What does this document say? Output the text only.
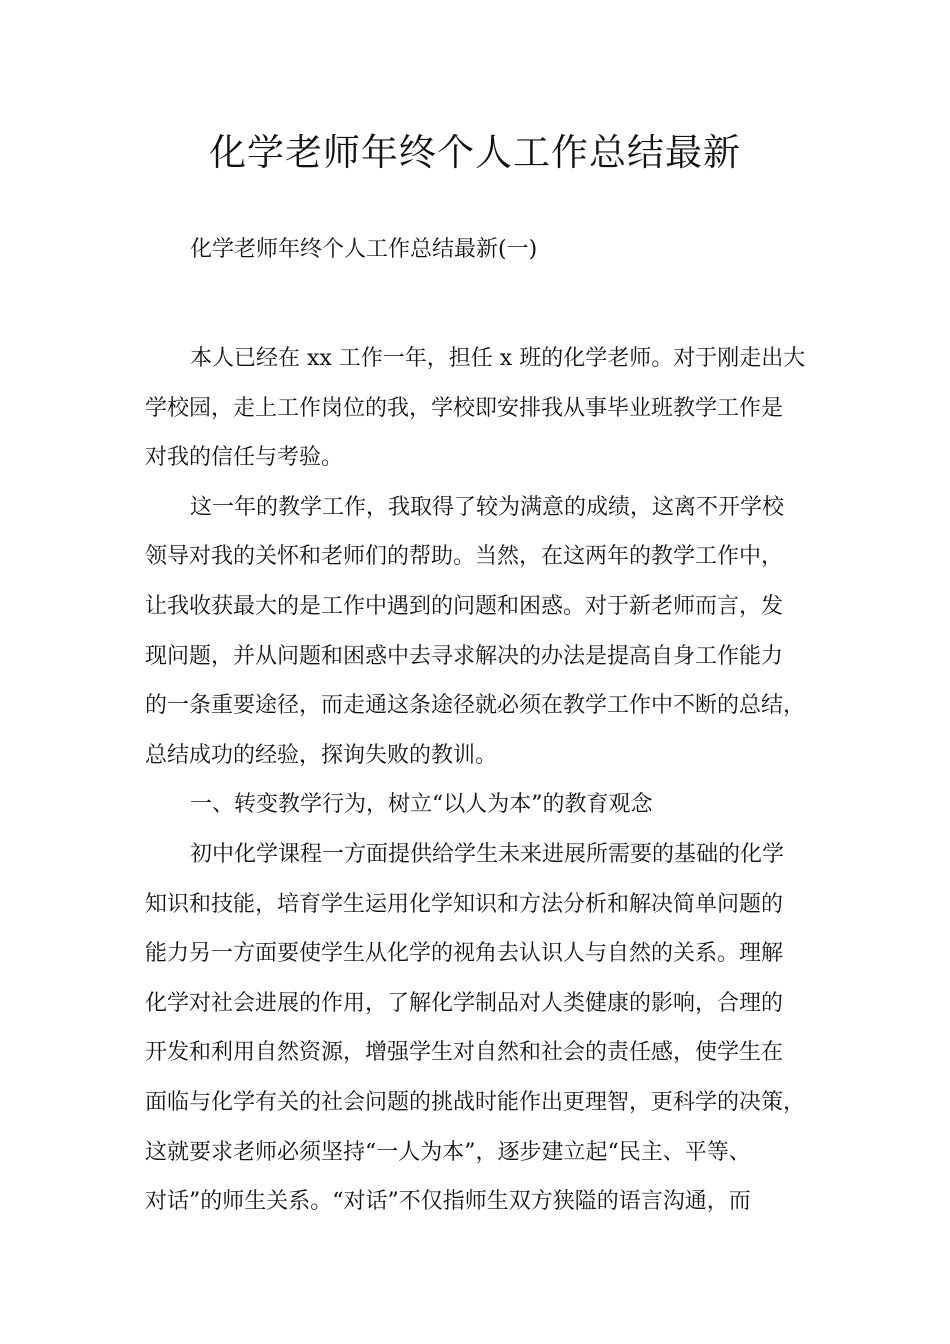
化学老师年终个人工作总结最新

化学老师年终个人工作总结最新(一)

本人已经在 xx 工作一年，担任 x 班的化学老师。对于刚走出大
学校园，走上工作岗位的我，学校即安排我从事毕业班教学工作是
对我的信任与考验。

这一年的教学工作，我取得了较为满意的成绩，这离不开学校
领导对我的关怀和老师们的帮助。当然，在这两年的教学工作中，
让我收获最大的是工作中遇到的问题和困惑。对于新老师而言，发
现问题，并从问题和困惑中去寻求解决的办法是提高自身工作能力
的一条重要途径，而走通这条途径就必须在教学工作中不断的总结，
总结成功的经验，探询失败的教训。

一、转变教学行为，树立“以人为本”的教育观念

初中化学课程一方面提供给学生未来进展所需要的基础的化学
知识和技能，培育学生运用化学知识和方法分析和解决简单问题的
能力另一方面要使学生从化学的视角去认识人与自然的关系。理解
化学对社会进展的作用，了解化学制品对人类健康的影响，合理的
开发和利用自然资源，增强学生对自然和社会的责任感，使学生在
面临与化学有关的社会问题的挑战时能作出更理智，更科学的决策，
这就要求老师必须坚持“一人为本”，逐步建立起“民主、平等、
对话”的师生关系。“对话”不仅指师生双方狭隘的语言沟通，而
